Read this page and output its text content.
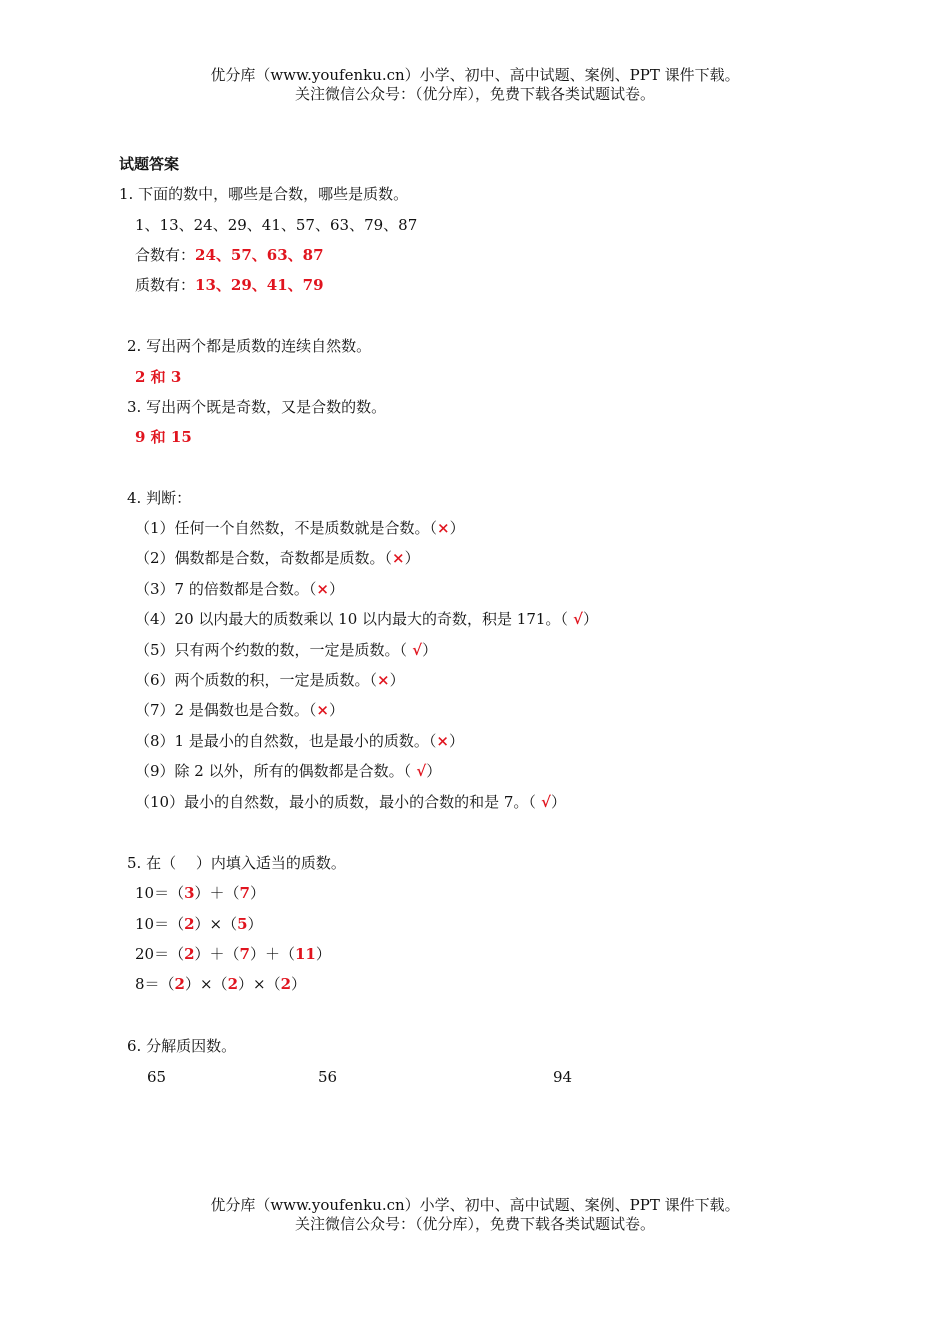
优分库（www.youfenku.cn）小学、初中、高中试题、案例、PPT 课件下载。
关注微信公众号：（优分库），免费下载各类试题试卷。
试题答案
1. 下面的数中，哪些是合数，哪些是质数。
1、13、24、29、41、57、63、79、87
合数有：24、57、63、87
质数有：13、29、41、79
2. 写出两个都是质数的连续自然数。
2 和 3
3. 写出两个既是奇数，又是合数的数。
9 和 15
4. 判断：
（1）任何一个自然数，不是质数就是合数。（×）
（2）偶数都是合数，奇数都是质数。（×）
（3）7 的倍数都是合数。（×）
（4）20 以内最大的质数乘以 10 以内最大的奇数，积是 171。（ √）
（5）只有两个约数的数，一定是质数。（ √）
（6）两个质数的积，一定是质数。（×）
（7）2 是偶数也是合数。（×）
（8）1 是最小的自然数，也是最小的质数。（×）
（9）除 2 以外，所有的偶数都是合数。（ √）
（10）最小的自然数，最小的质数，最小的合数的和是 7。（ √）
5. 在（　 ）内填入适当的质数。
10＝（3）＋（7）
10＝（2）×（5）
20＝（2）＋（7）＋（11）
8＝（2）×（2）×（2）
6. 分解质因数。
65	56	94
优分库（www.youfenku.cn）小学、初中、高中试题、案例、PPT 课件下载。
关注微信公众号：（优分库），免费下载各类试题试卷。
